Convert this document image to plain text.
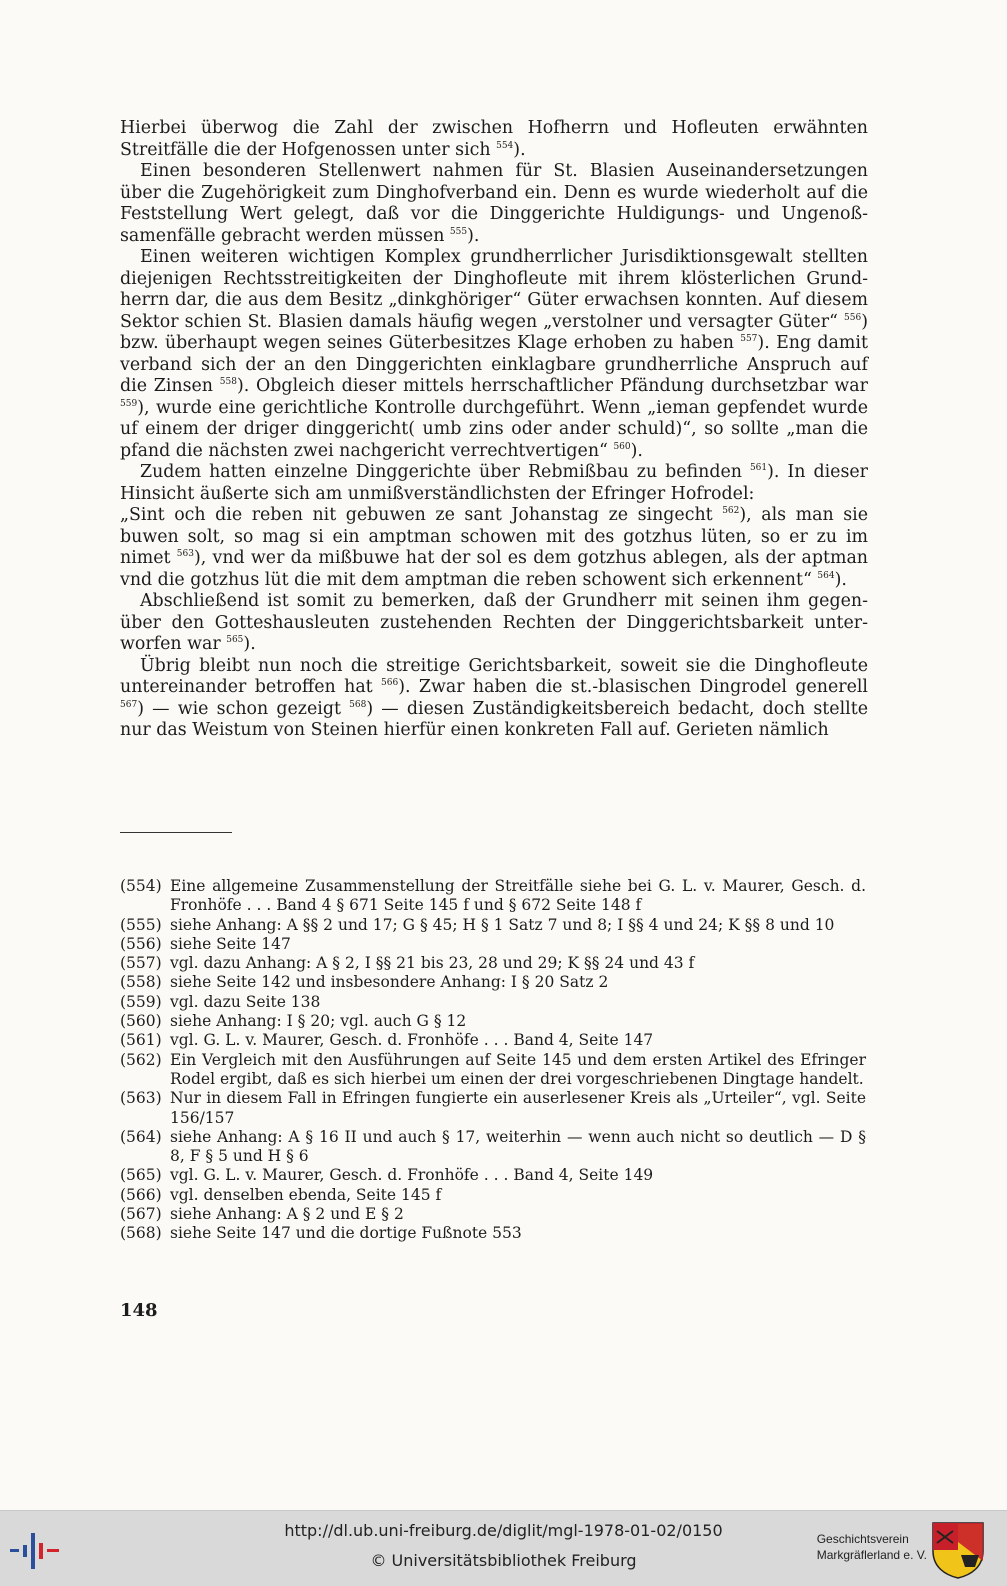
Hierbei überwog die Zahl der zwischen Hofherrn und Hofleuten erwähnten Streitfälle die der Hofgenossen unter sich $^{554}$).

Einen besonderen Stellenwert nahmen für St. Blasien Auseinandersetzungen über die Zugehörigkeit zum Dinghofverband ein. Denn es wurde wiederholt auf die Feststellung Wert gelegt, daß vor die Dinggerichte Huldigungs- und Ungenoßsamenfälle gebracht werden müssen $^{555}$).

Einen weiteren wichtigen Komplex grundherrlicher Jurisdiktionsgewalt stellten diejenigen Rechtsstreitigkeiten der Dinghofleute mit ihrem klösterlichen Grundherrn dar, die aus dem Besitz „dinkghöriger“ Güter erwachsen konnten. Auf diesem Sektor schien St. Blasien damals häufig wegen „verstolner und versagter Güter“ $^{556}$) bzw. überhaupt wegen seines Güterbesitzes Klage erhoben zu haben $^{557}$). Eng damit verband sich der an den Dinggerichten einklagbare grundherrliche Anspruch auf die Zinsen $^{558}$). Obgleich dieser mittels herrschaftlicher Pfändung durchsetzbar war $^{559}$), wurde eine gerichtliche Kontrolle durchgeführt. Wenn „ieman gepfendet wurde uf einem der driger dinggericht( umb zins oder ander schuld)“, so sollte „man die pfand die nächsten zwei nachgericht verrechtvertigen“ $^{560}$).

Zudem hatten einzelne Dinggerichte über Rebmißbau zu befinden $^{561}$). In dieser Hinsicht äußerte sich am unmißverständlichsten der Efringer Hofrodel:

„Sint och die reben nit gebuwen ze sant Johanstag ze singecht $^{562}$), als man sie buwen solt, so mag si ein amptman schowen mit des gotzhus lüten, so er zu im nimet $^{563}$), vnd wer da mißbuwe hat der sol es dem gotzhus ablegen, als der aptman vnd die gotzhus lüt die mit dem amptman die reben schowent sich erkennent“ $^{564}$).

Abschließend ist somit zu bemerken, daß der Grundherr mit seinen ihm gegenüber den Gotteshausleuten zustehenden Rechten der Dinggerichtsbarkeit unterworfen war $^{565}$).

Übrig bleibt nun noch die streitige Gerichtsbarkeit, soweit sie die Dinghofleute untereinander betroffen hat $^{566}$). Zwar haben die st.-blasischen Dingrodel generell $^{567}$) — wie schon gezeigt $^{568}$) — diesen Zuständigkeitsbereich bedacht, doch stellte nur das Weistum von Steinen hierfür einen konkreten Fall auf. Gerieten nämlich

(554) Eine allgemeine Zusammenstellung der Streitfälle siehe bei G. L. v. Maurer, Gesch. d. Fronhöfe . . . Band 4 § 671 Seite 145 f und § 672 Seite 148 f
(555) siehe Anhang: A §§ 2 und 17; G § 45; H § 1 Satz 7 und 8; I §§ 4 und 24; K §§ 8 und 10
(556) siehe Seite 147
(557) vgl. dazu Anhang: A § 2, I §§ 21 bis 23, 28 und 29; K §§ 24 und 43 f
(558) siehe Seite 142 und insbesondere Anhang: I § 20 Satz 2
(559) vgl. dazu Seite 138
(560) siehe Anhang: I § 20; vgl. auch G § 12
(561) vgl. G. L. v. Maurer, Gesch. d. Fronhöfe . . . Band 4, Seite 147
(562) Ein Vergleich mit den Ausführungen auf Seite 145 und dem ersten Artikel des Efringer Rodel ergibt, daß es sich hierbei um einen der drei vorgeschriebenen Dingtage handelt.
(563) Nur in diesem Fall in Efringen fungierte ein auserlesener Kreis als „Urteiler“, vgl. Seite 156/157
(564) siehe Anhang: A § 16 II und auch § 17, weiterhin — wenn auch nicht so deutlich — D § 8, F § 5 und H § 6
(565) vgl. G. L. v. Maurer, Gesch. d. Fronhöfe . . . Band 4, Seite 149
(566) vgl. denselben ebenda, Seite 145 f
(567) siehe Anhang: A § 2 und E § 2
(568) siehe Seite 147 und die dortige Fußnote 553
148
http://dl.ub.uni-freiburg.de/diglit/mgl-1978-01-02/0150
© Universitätsbibliothek Freiburg
Geschichtsverein
Markgräflerland e. V.
